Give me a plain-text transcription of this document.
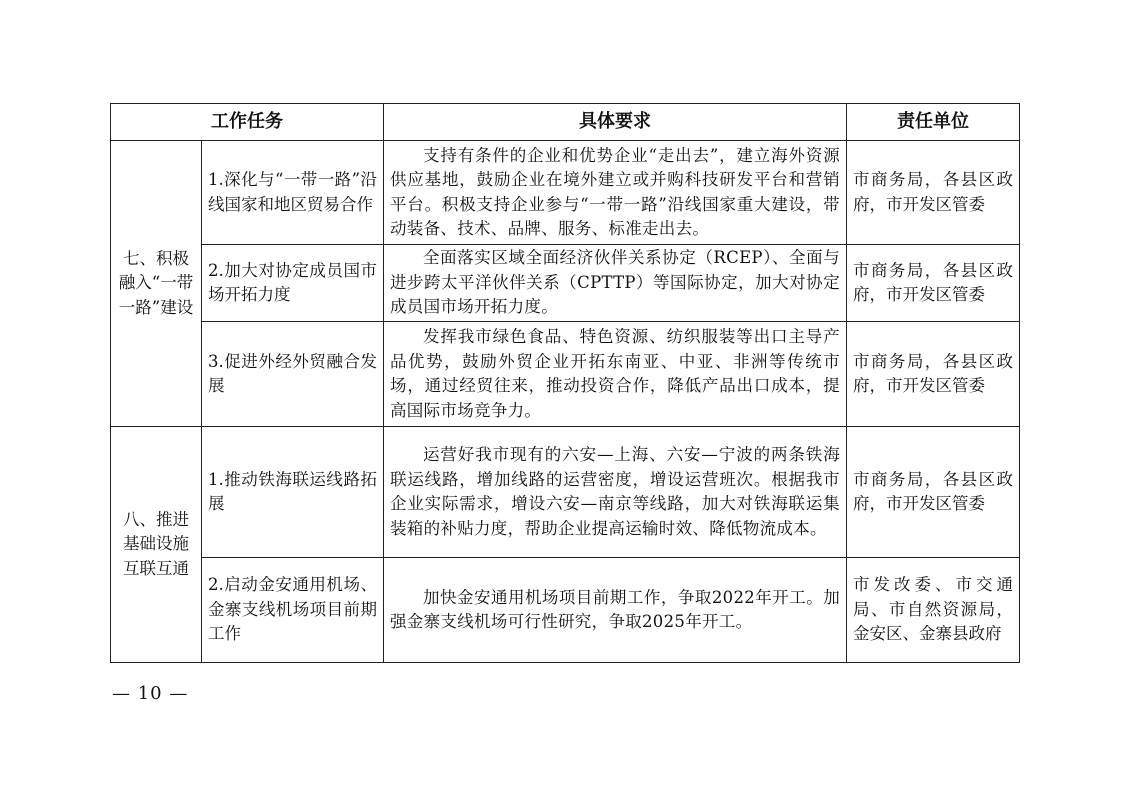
工作任务		具体要求	责任单位
七、积极融入“一带一路”建设	1.深化与“一带一路”沿线国家和地区贸易合作	支持有条件的企业和优势企业“走出去”，建立海外资源供应基地，鼓励企业在境外建立或并购科技研发平台和营销平台。积极支持企业参与“一带一路”沿线国家重大建设，带动装备、技术、品牌、服务、标准走出去。	市商务局，各县区政府，市开发区管委
	2.加大对协定成员国市场开拓力度	全面落实区域全面经济伙伴关系协定（RCEP）、全面与进步跨太平洋伙伴关系（CPTTP）等国际协定，加大对协定成员国市场开拓力度。	市商务局，各县区政府，市开发区管委
	3.促进外经外贸融合发展	发挥我市绿色食品、特色资源、纺织服装等出口主导产品优势，鼓励外贸企业开拓东南亚、中亚、非洲等传统市场，通过经贸往来，推动投资合作，降低产品出口成本，提高国际市场竞争力。	市商务局，各县区政府，市开发区管委
八、推进基础设施互联互通	1.推动铁海联运线路拓展	运营好我市现有的六安—上海、六安—宁波的两条铁海联运线路，增加线路的运营密度，增设运营班次。根据我市企业实际需求，增设六安—南京等线路，加大对铁海联运集装箱的补贴力度，帮助企业提高运输时效、降低物流成本。	市商务局，各县区政府，市开发区管委
	2.启动金安通用机场、金寨支线机场项目前期工作	加快金安通用机场项目前期工作，争取2022年开工。加强金寨支线机场可行性研究，争取2025年开工。	市发改委、市交通局、市自然资源局，金安区、金寨县政府
— 10 —
